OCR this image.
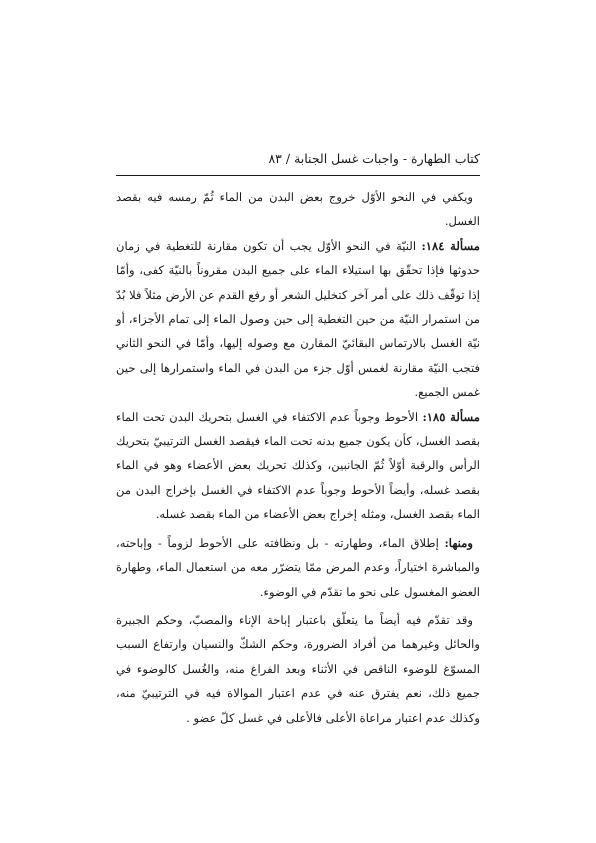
كتاب الطهارة - واجبات غسل الجنابة / ٨٣

ويكفي في النحو الأوّل خروج بعض البدن من الماء ثُمّ رمسه فيه بقصد الغسل.

مسألة ١٨٤: النيّة في النحو الأوّل يجب أن تكون مقارنة للتغطية في زمان حدوثها فإذا تحقّق بها استيلاء الماء على جميع البدن مقروناً بالنيّة كفى، وأمّا إذا توقّف ذلك على أمر آخر كتخليل الشعر أو رفع القدم عن الأرض مثلاً فلا بُدّ من استمرار النيّة من حين التغطية إلى حين وصول الماء إلى تمام الأجزاء، أو نيّة الغسل بالارتماس البقائيّ المقارن مع وصوله إليها، وأمّا في النحو الثاني فتجب النيّة مقارنة لغمس أوّل جزء من البدن في الماء واستمرارها إلى حين غمس الجميع.

مسألة ١٨٥: الأحوط وجوباً عدم الاكتفاء في الغسل بتحريك البدن تحت الماء بقصد الغسل، كأن يكون جميع بدنه تحت الماء فيقصد الغسل الترتيبيّ بتحريك الرأس والرقبة أوّلاً ثُمّ الجانبين، وكذلك تحريك بعض الأعضاء وهو في الماء بقصد غسله، وأيضاً الأحوط وجوباً عدم الاكتفاء في الغسل بإخراج البدن من الماء بقصد الغسل، ومثله إخراج بعض الأعضاء من الماء بقصد غسله.

ومنها: إطلاق الماء، وطهارته - بل ونظافته على الأحوط لزوماً - وإباحته، والمباشرة اختياراً، وعدم المرض ممّا يتضرّر معه من استعمال الماء، وطهارة العضو المغسول على نحو ما تقدّم في الوضوء.

وقد تقدّم فيه أيضاً ما يتعلّق باعتبار إباحة الإناء والمصبّ، وحكم الجبيرة والحائل وغيرهما من أفراد الضرورة، وحكم الشكّ والنسيان وارتفاع السبب المسوّغ للوضوء الناقص في الأثناء وبعد الفراغ منه، والغُسل كالوضوء في جميع ذلك، نعم يفترق عنه في عدم اعتبار الموالاة فيه في الترتيبيّ منه، وكذلك عدم اعتبار مراعاة الأعلى فالأعلى في غسل كلّ عضو .
